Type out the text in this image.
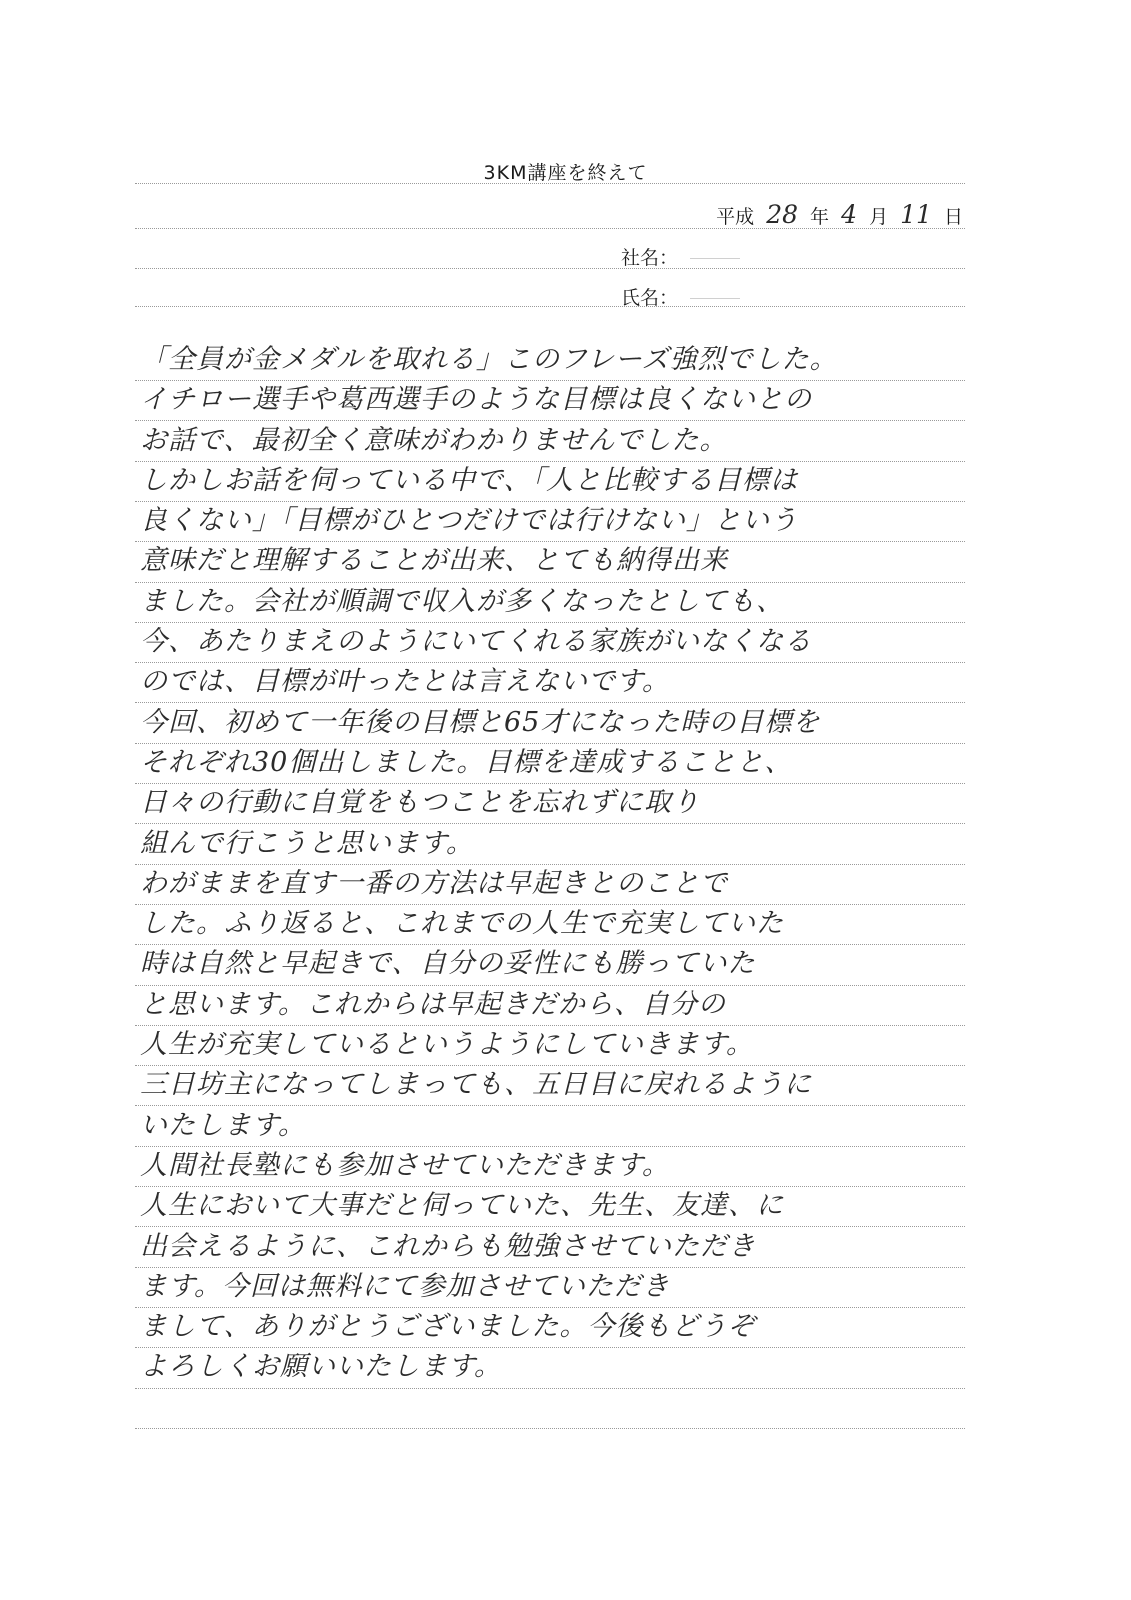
3KM講座を終えて
平成 28 年 4 月 11 日
社名：
氏名：
「全員が金メダルを取れる」このフレーズ強烈でした。
イチロー選手や葛西選手のような目標は良くないとの
お話で、最初全く意味がわかりませんでした。
しかしお話を伺っている中で、「人と比較する目標は
良くない」「目標がひとつだけでは行けない」という
意味だと理解することが出来、とても納得出来
ました。会社が順調で収入が多くなったとしても、
今、あたりまえのようにいてくれる家族がいなくなる
のでは、目標が叶ったとは言えないです。
今回、初めて一年後の目標と65才になった時の目標を
それぞれ30個出しました。目標を達成することと、
日々の行動に自覚をもつことを忘れずに取り
組んで行こうと思います。
わがままを直す一番の方法は早起きとのことで
した。ふり返ると、これまでの人生で充実していた
時は自然と早起きで、自分の妥性にも勝っていた
と思います。これからは早起きだから、自分の
人生が充実しているというようにしていきます。
三日坊主になってしまっても、五日目に戻れるように
いたします。
人間社長塾にも参加させていただきます。
人生において大事だと伺っていた、先生、友達、に
出会えるように、これからも勉強させていただき
ます。今回は無料にて参加させていただき
まして、ありがとうございました。今後もどうぞ
よろしくお願いいたします。
